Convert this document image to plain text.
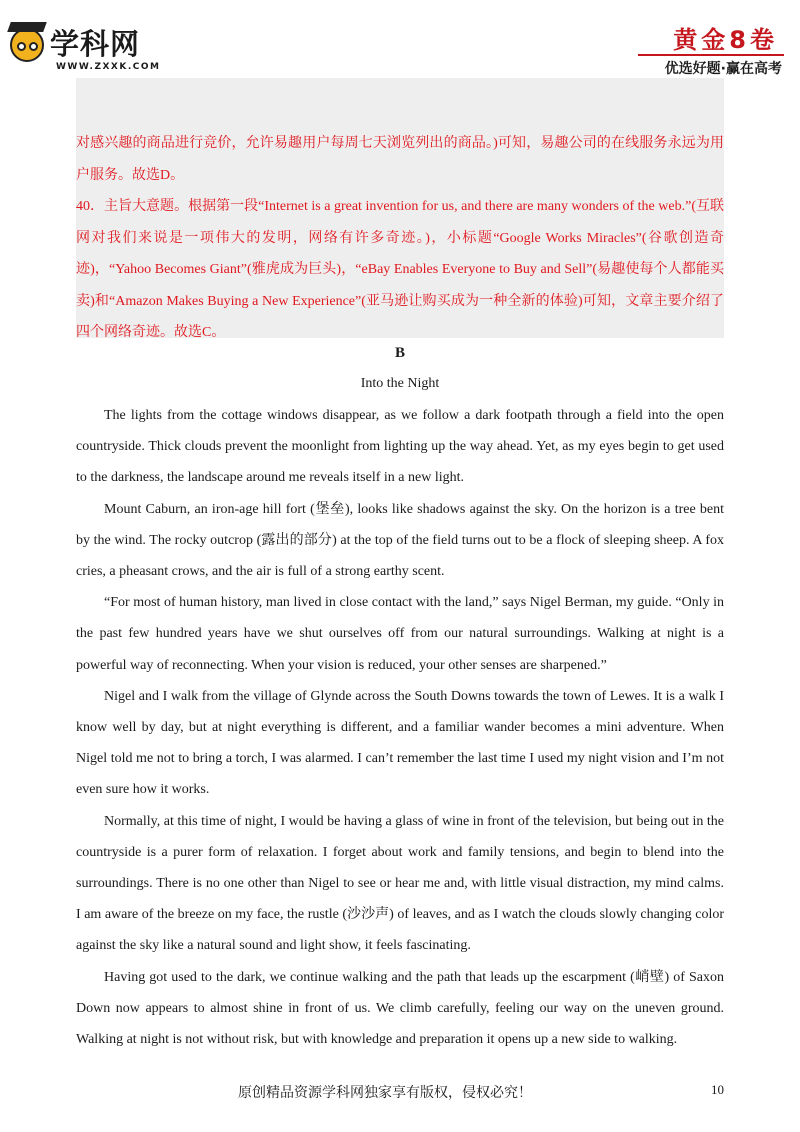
学科网
WWW.ZXXK.COM
黄金8卷
优选好题·赢在高考

对感兴趣的商品进行竞价，允许易趣用户每周七天浏览列出的商品。)可知，易趣公司的在线服务永远为用户服务。故选D。

40．主旨大意题。根据第一段“Internet is a great invention for us, and there are many wonders of the web.”(互联网对我们来说是一项伟大的发明，网络有许多奇迹。)，小标题“Google Works Miracles”(谷歌创造奇迹)，“Yahoo Becomes Giant”(雅虎成为巨头)，“eBay Enables Everyone to Buy and Sell”(易趣使每个人都能买卖)和“Amazon Makes Buying a New Experience”(亚马逊让购买成为一种全新的体验)可知，文章主要介绍了四个网络奇迹。故选C。

B
Into the Night

The lights from the cottage windows disappear, as we follow a dark footpath through a field into the open countryside. Thick clouds prevent the moonlight from lighting up the way ahead. Yet, as my eyes begin to get used to the darkness, the landscape around me reveals itself in a new light.

Mount Caburn, an iron-age hill fort (堡垒), looks like shadows against the sky. On the horizon is a tree bent by the wind. The rocky outcrop (露出的部分) at the top of the field turns out to be a flock of sleeping sheep. A fox cries, a pheasant crows, and the air is full of a strong earthy scent.

“For most of human history, man lived in close contact with the land,” says Nigel Berman, my guide. “Only in the past few hundred years have we shut ourselves off from our natural surroundings. Walking at night is a powerful way of reconnecting. When your vision is reduced, your other senses are sharpened.”

Nigel and I walk from the village of Glynde across the South Downs towards the town of Lewes. It is a walk I know well by day, but at night everything is different, and a familiar wander becomes a mini adventure. When Nigel told me not to bring a torch, I was alarmed. I can’t remember the last time I used my night vision and I’m not even sure how it works.

Normally, at this time of night, I would be having a glass of wine in front of the television, but being out in the countryside is a purer form of relaxation. I forget about work and family tensions, and begin to blend into the surroundings. There is no one other than Nigel to see or hear me and, with little visual distraction, my mind calms. I am aware of the breeze on my face, the rustle (沙沙声) of leaves, and as I watch the clouds slowly changing color against the sky like a natural sound and light show, it feels fascinating.

Having got used to the dark, we continue walking and the path that leads up the escarpment (峭壁) of Saxon Down now appears to almost shine in front of us. We climb carefully, feeling our way on the uneven ground. Walking at night is not without risk, but with knowledge and preparation it opens up a new side to walking.

原创精品资源学科网独家享有版权，侵权必究！	10
